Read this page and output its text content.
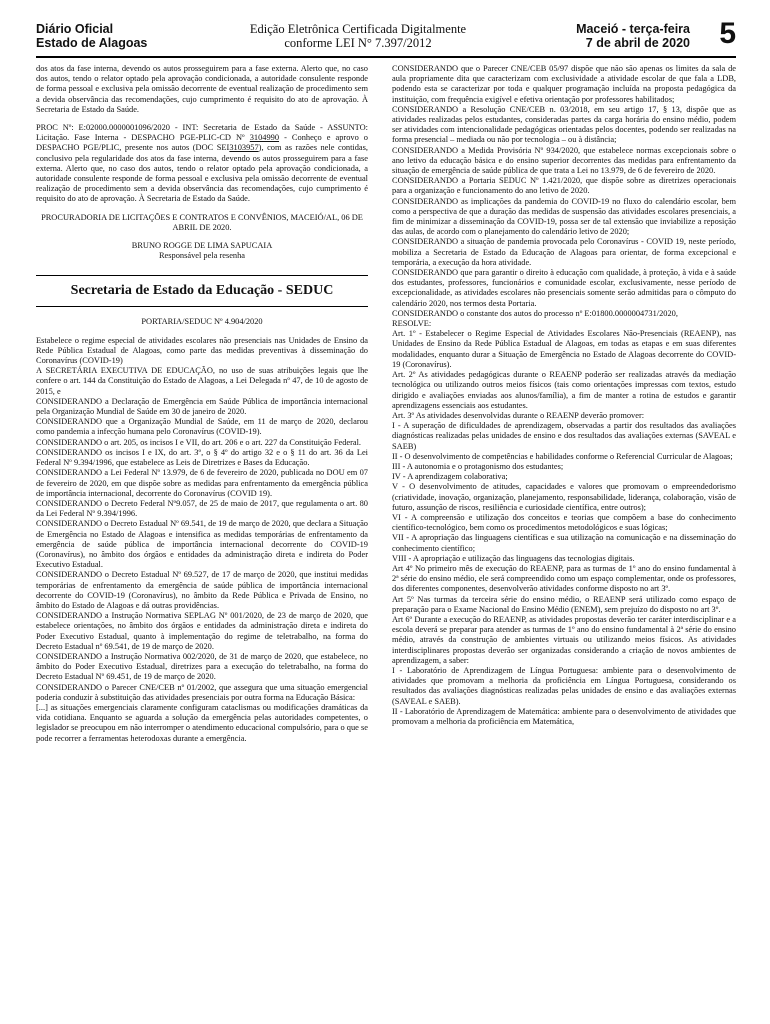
Diário Oficial
Estado de Alagoas
Edição Eletrônica Certificada Digitalmente
conforme LEI N° 7.397/2012
Maceió - terça-feira
7 de abril de 2020 5

dos atos da fase interna, devendo os autos prosseguirem para a fase externa. Alerto que, no caso dos autos, tendo o relator optado pela aprovação condicionada, a autoridade consulente responde de forma pessoal e exclusiva pela omissão decorrente de eventual realização de procedimento sem a devida observância das recomendações, cujo cumprimento é requisito do ato de aprovação. À Secretaria de Estado da Saúde.

PROC Nº: E:02000.0000001096/2020 - INT: Secretaria de Estado da Saúde - ASSUNTO: Licitação. Fase Interna - DESPACHO PGE-PLIC-CD Nº 3104990 - Conheço e aprovo o DESPACHO PGE/PLIC, presente nos autos (DOC SEI3103957), com as razões nele contidas, conclusivo pela regularidade dos atos da fase interna, devendo os autos prosseguirem para a fase externa. Alerto que, no caso dos autos, tendo o relator optado pela aprovação condicionada, a autoridade consulente responde de forma pessoal e exclusiva pela omissão decorrente de eventual realização de procedimento sem a devida observância das recomendações, cujo cumprimento é requisito do ato de aprovação. À Secretaria de Estado da Saúde.

PROCURADORIA DE LICITAÇÕES E CONTRATOS E CONVÊNIOS, MACEIÓ/AL, 06 DE ABRIL DE 2020.

BRUNO ROGGE DE LIMA SAPUCAIA

Responsável pela resenha

Secretaria de Estado da Educação - SEDUC

PORTARIA/SEDUC Nº 4.904/2020

Estabelece o regime especial de atividades escolares não presenciais nas Unidades de Ensino da Rede Pública Estadual de Alagoas, como parte das medidas preventivas à disseminação do Coronavírus (COVID-19)

A SECRETÁRIA EXECUTIVA DE EDUCAÇÃO, no uso de suas atribuições legais que lhe confere o art. 144 da Constituição do Estado de Alagoas, a Lei Delegada nº 47, de 10 de agosto de 2015, e

CONSIDERANDO a Declaração de Emergência em Saúde Pública de importância internacional pela Organização Mundial de Saúde em 30 de janeiro de 2020.

CONSIDERANDO que a Organização Mundial de Saúde, em 11 de março de 2020, declarou como pandemia a infecção humana pelo Coronavírus (COVID-19).

CONSIDERANDO o art. 205, os incisos I e VII, do art. 206 e o art. 227 da Constituição Federal.

CONSIDERANDO os incisos I e IX, do art. 3º, o § 4º do artigo 32 e o § 11 do art. 36 da Lei Federal Nº 9.394/1996, que estabelece as Leis de Diretrizes e Bases da Educação.

CONSIDERANDO a Lei Federal Nº 13.979, de 6 de fevereiro de 2020, publicada no DOU em 07 de fevereiro de 2020, em que dispõe sobre as medidas para enfrentamento da emergência pública de importância internacional, decorrente do Coronavírus (COVID 19).

CONSIDERANDO o Decreto Federal Nº9.057, de 25 de maio de 2017, que regulamenta o art. 80 da Lei Federal Nº 9.394/1996.

CONSIDERANDO o Decreto Estadual Nº 69.541, de 19 de março de 2020, que declara a Situação de Emergência no Estado de Alagoas e intensifica as medidas temporárias de enfrentamento da emergência de saúde pública de importância internacional decorrente do COVID-19 (Coronavírus), no âmbito dos órgãos e entidades da administração direta e indireta do Poder Executivo Estadual.

CONSIDERANDO o Decreto Estadual Nº 69.527, de 17 de março de 2020, que institui medidas temporárias de enfrentamento da emergência de saúde pública de importância internacional decorrente do COVID-19 (Coronavírus), no âmbito da Rede Pública e Privada de Ensino, no âmbito do Estado de Alagoas e dá outras providências.

CONSIDERANDO a Instrução Normativa SEPLAG Nº 001/2020, de 23 de março de 2020, que estabelece orientações, no âmbito dos órgãos e entidades da administração direta e indireta do Poder Executivo Estadual, quanto à implementação do regime de teletrabalho, na forma do Decreto Estadual nº 69.541, de 19 de março de 2020.

CONSIDERANDO a Instrução Normativa 002/2020, de 31 de março de 2020, que estabelece, no âmbito do Poder Executivo Estadual, diretrizes para a execução do teletrabalho, na forma do Decreto Estadual Nº 69.451, de 19 de março de 2020.

CONSIDERANDO o Parecer CNE/CEB nº 01/2002, que assegura que uma situação emergencial poderia conduzir à substituição das atividades presenciais por outra forma na Educação Básica:

[...] as situações emergenciais claramente configuram cataclismas ou modificações dramáticas da vida cotidiana. Enquanto se aguarda a solução da emergência pelas autoridades competentes, o legislador se preocupou em não interromper o atendimento educacional compulsório, para o que se pode recorrer a ferramentas heterodoxas durante a emergência.

CONSIDERANDO que o Parecer CNE/CEB 05/97 dispõe que não são apenas os limites da sala de aula propriamente dita que caracterizam com exclusividade a atividade escolar de que fala a LDB, podendo esta se caracterizar por toda e qualquer programação incluída na proposta pedagógica da instituição, com frequência exigível e efetiva orientação por professores habilitados;

CONSIDERANDO a Resolução CNE/CEB n. 03/2018, em seu artigo 17, § 13, dispõe que as atividades realizadas pelos estudantes, consideradas partes da carga horária do ensino médio, podem ser atividades com intencionalidade pedagógicas orientadas pelos docentes, podendo ser realizadas na forma presencial – mediada ou não por tecnologia – ou à distância;

CONSIDERANDO a Medida Provisória Nº 934/2020, que estabelece normas excepcionais sobre o ano letivo da educação básica e do ensino superior decorrentes das medidas para enfrentamento da situação de emergência de saúde pública de que trata a Lei no 13.979, de 6 de fevereiro de 2020.

CONSIDERANDO a Portaria SEDUC Nº 1.421/2020, que dispõe sobre as diretrizes operacionais para a organização e funcionamento do ano letivo de 2020.

CONSIDERANDO as implicações da pandemia do COVID-19 no fluxo do calendário escolar, bem como a perspectiva de que a duração das medidas de suspensão das atividades escolares presenciais, a fim de minimizar a disseminação da COVID-19, possa ser de tal extensão que inviabilize a reposição das aulas, de acordo com o planejamento do calendário letivo de 2020;

CONSIDERANDO a situação de pandemia provocada pelo Coronavírus - COVID 19, neste período, mobiliza a Secretaria de Estado da Educação de Alagoas para orientar, de forma excepcional e temporária, a execução da hora atividade.

CONSIDERANDO que para garantir o direito à educação com qualidade, à proteção, à vida e à saúde dos estudantes, professores, funcionários e comunidade escolar, exclusivamente, nesse período de excepcionalidade, as atividades escolares não presenciais somente serão admitidas para o cômputo do calendário 2020, nos termos desta Portaria.

CONSIDERANDO o constante dos autos do processo nº E:01800.0000004731/2020,

RESOLVE:

Art. 1º - Estabelecer o Regime Especial de Atividades Escolares Não-Presenciais (REAENP), nas Unidades de Ensino da Rede Pública Estadual de Alagoas, em todas as etapas e em suas diferentes modalidades, enquanto durar a Situação de Emergência no Estado de Alagoas decorrente do COVID-19 (Coronavírus).

Art. 2º As atividades pedagógicas durante o REAENP poderão ser realizadas através da mediação tecnológica ou utilizando outros meios físicos (tais como orientações impressas com textos, estudo dirigido e avaliações enviadas aos alunos/família), a fim de manter a rotina de estudos e garantir aprendizagens essenciais aos estudantes.

Art. 3º As atividades desenvolvidas durante o REAENP deverão promover:

I - A superação de dificuldades de aprendizagem, observadas a partir dos resultados das avaliações diagnósticas realizadas pelas unidades de ensino e dos resultados das avaliações externas (SAVEAL e SAEB)

II - O desenvolvimento de competências e habilidades conforme o Referencial Curricular de Alagoas;

III - A autonomia e o protagonismo dos estudantes;

IV - A aprendizagem colaborativa;

V - O desenvolvimento de atitudes, capacidades e valores que promovam o empreendedorismo (criatividade, inovação, organização, planejamento, responsabilidade, liderança, colaboração, visão de futuro, assunção de riscos, resiliência e curiosidade científica, entre outros);

VI - A compreensão e utilização dos conceitos e teorias que compõem a base do conhecimento científico-tecnológico, bem como os procedimentos metodológicos e suas lógicas;

VII - A apropriação das linguagens científicas e sua utilização na comunicação e na disseminação do conhecimento científico;

VIII - A apropriação e utilização das linguagens das tecnologias digitais.

Art 4º No primeiro mês de execução do REAENP, para as turmas de 1º ano do ensino fundamental à 2ª série do ensino médio, ele será compreendido como um espaço complementar, onde os professores, dos diferentes componentes, desenvolverão atividades conforme disposto no art 3º.

Art 5º Nas turmas da terceira série do ensino médio, o REAENP será utilizado como espaço de preparação para o Exame Nacional do Ensino Médio (ENEM), sem prejuízo do disposto no art 3º.

Art 6º Durante a execução do REAENP, as atividades propostas deverão ter caráter interdisciplinar e a escola deverá se preparar para atender as turmas de 1º ano do ensino fundamental à 2ª série do ensino médio, através da construção de ambientes virtuais ou utilizando meios físicos. As atividades interdisciplinares propostas deverão ser organizadas considerando a criação de novos ambientes de aprendizagem, a saber:

I - Laboratório de Aprendizagem de Língua Portuguesa: ambiente para o desenvolvimento de atividades que promovam a melhoria da proficiência em Língua Portuguesa, considerando os resultados das avaliações diagnósticas realizadas pelas unidades de ensino e das avaliações externas (SAVEAL e SAEB).

II - Laboratório de Aprendizagem de Matemática: ambiente para o desenvolvimento de atividades que promovam a melhoria da proficiência em Matemática,
